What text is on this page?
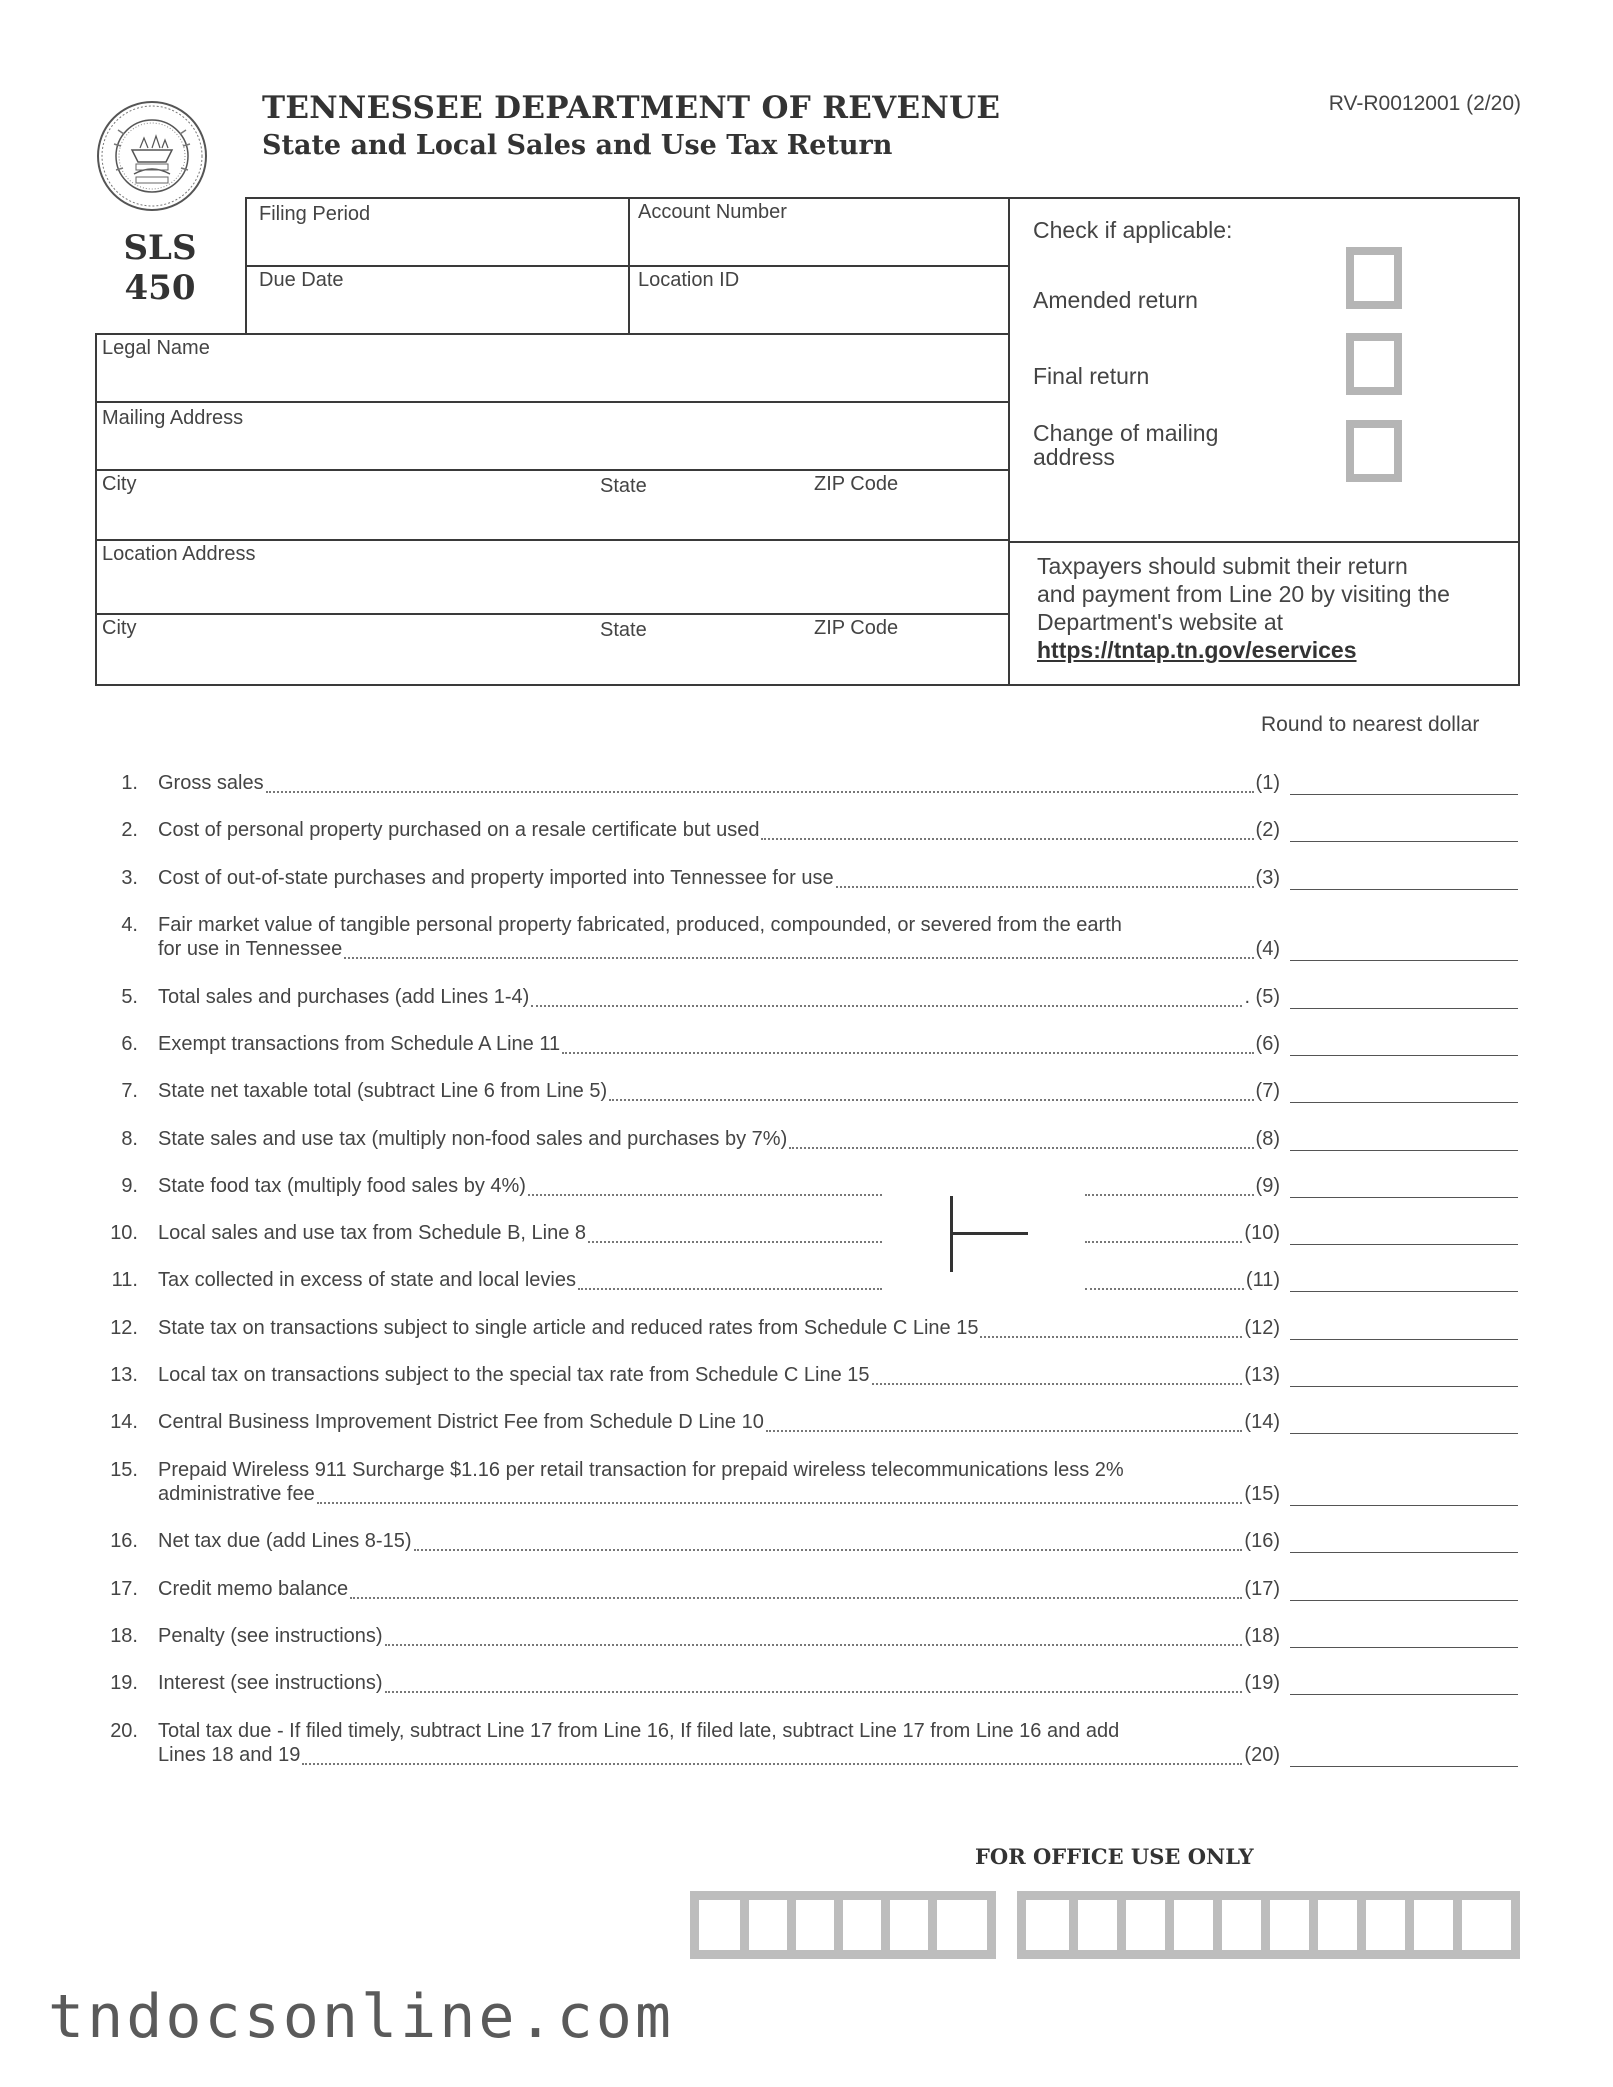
TENNESSEE DEPARTMENT OF REVENUE
State and Local Sales and Use Tax Return
RV-R0012001 (2/20)
SLS
450
Filing Period	Account Number
Due Date	Location ID
Legal Name
Mailing Address
City	State	ZIP Code
Location Address
City	State	ZIP Code
Check if applicable:
Amended return
Final return
Change of mailing
address
Taxpayers should submit their return
and payment from Line 20 by visiting the
Department's website at
https://tntap.tn.gov/eservices
Round to nearest dollar
1. Gross sales	(1)
2. Cost of personal property purchased on a resale certificate but used	(2)
3. Cost of out-of-state purchases and property imported into Tennessee for use	(3)
4. Fair market value of tangible personal property fabricated, produced, compounded, or severed from the earth
for use in Tennessee	(4)
5. Total sales and purchases (add Lines 1-4)	. (5)
6. Exempt transactions from Schedule A Line 11	(6)
7. State net taxable total (subtract Line 6 from Line 5)	(7)
8. State sales and use tax (multiply non-food sales and purchases by 7%)	(8)
9. State food tax (multiply food sales by 4%)	(9)
10. Local sales and use tax from Schedule B, Line 8	(10)
11. Tax collected in excess of state and local levies	(11)
12. State tax on transactions subject to single article and reduced rates from Schedule C Line 15	(12)
13. Local tax on transactions subject to the special tax rate from Schedule C Line 15	(13)
14. Central Business Improvement District Fee from Schedule D Line 10	(14)
15. Prepaid Wireless 911 Surcharge $1.16 per retail transaction for prepaid wireless telecommunications less 2%
administrative fee	(15)
16. Net tax due (add Lines 8-15)	(16)
17. Credit memo balance	(17)
18. Penalty (see instructions)	(18)
19. Interest (see instructions)	(19)
20. Total tax due - If filed timely, subtract Line 17 from Line 16, If filed late, subtract Line 17 from Line 16 and add
Lines 18 and 19	(20)
FOR OFFICE USE ONLY
tndocsonline.com
